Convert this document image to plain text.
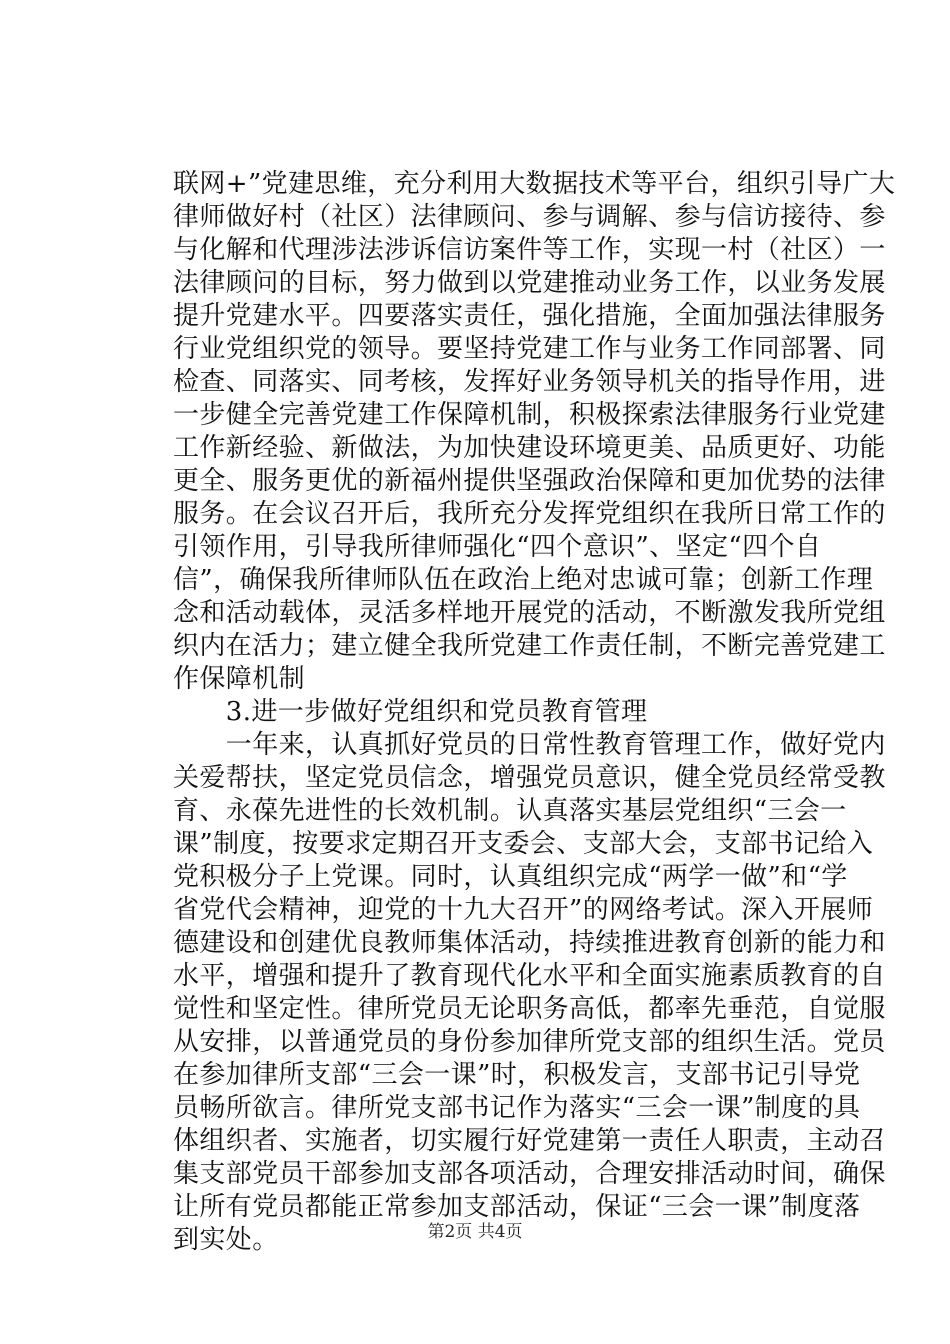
联网+”党建思维，充分利用大数据技术等平台，组织引导广大
律师做好村（社区）法律顾问、参与调解、参与信访接待、参
与化解和代理涉法涉诉信访案件等工作，实现一村（社区）一
法律顾问的目标，努力做到以党建推动业务工作，以业务发展
提升党建水平。四要落实责任，强化措施，全面加强法律服务
行业党组织党的领导。要坚持党建工作与业务工作同部署、同
检查、同落实、同考核，发挥好业务领导机关的指导作用，进
一步健全完善党建工作保障机制，积极探索法律服务行业党建
工作新经验、新做法，为加快建设环境更美、品质更好、功能
更全、服务更优的新福州提供坚强政治保障和更加优势的法律
服务。在会议召开后，我所充分发挥党组织在我所日常工作的
引领作用，引导我所律师强化“四个意识”、坚定“四个自
信”，确保我所律师队伍在政治上绝对忠诚可靠；创新工作理
念和活动载体，灵活多样地开展党的活动，不断激发我所党组
织内在活力；建立健全我所党建工作责任制，不断完善党建工
作保障机制
　　3.进一步做好党组织和党员教育管理
　　一年来，认真抓好党员的日常性教育管理工作，做好党内
关爱帮扶，坚定党员信念，增强党员意识，健全党员经常受教
育、永葆先进性的长效机制。认真落实基层党组织“三会一
课”制度，按要求定期召开支委会、支部大会，支部书记给入
党积极分子上党课。同时，认真组织完成“两学一做”和“学
省党代会精神，迎党的十九大召开”的网络考试。深入开展师
德建设和创建优良教师集体活动，持续推进教育创新的能力和
水平，增强和提升了教育现代化水平和全面实施素质教育的自
觉性和坚定性。律所党员无论职务高低，都率先垂范，自觉服
从安排，以普通党员的身份参加律所党支部的组织生活。党员
在参加律所支部“三会一课”时，积极发言，支部书记引导党
员畅所欲言。律所党支部书记作为落实“三会一课”制度的具
体组织者、实施者，切实履行好党建第一责任人职责，主动召
集支部党员干部参加支部各项活动，合理安排活动时间，确保
让所有党员都能正常参加支部活动，保证“三会一课”制度落
到实处。	第2页 共4页
